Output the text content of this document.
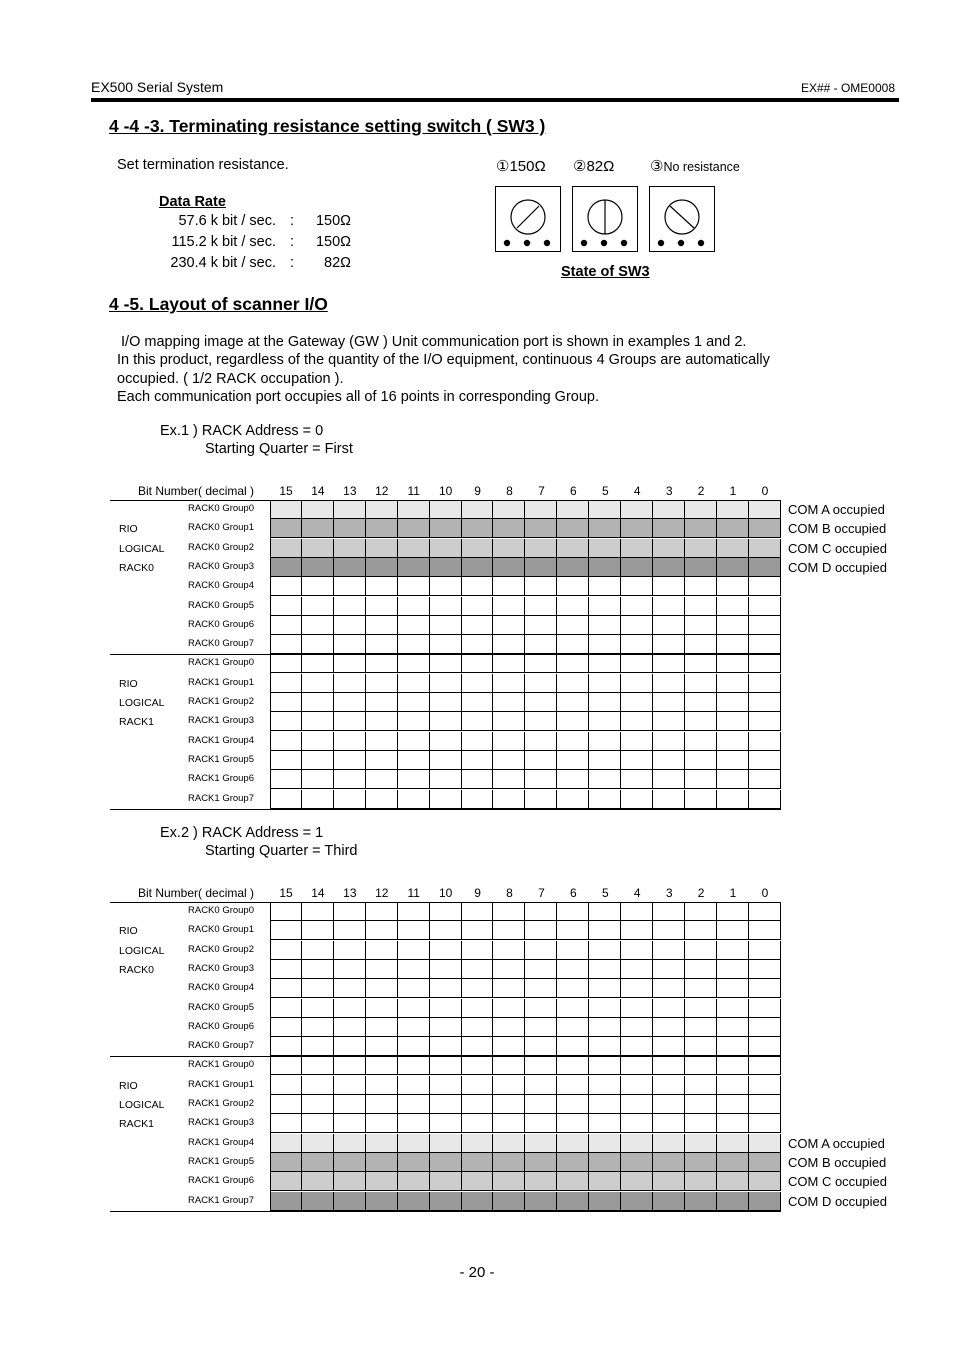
EX500 Serial System	EX## - OME0008
4 -4 -3. Terminating resistance setting switch ( SW3 )
Set termination resistance.
Data Rate
57.6 k bit / sec. :	150Ω
115.2 k bit / sec. :	150Ω
230.4 k bit / sec. :	82Ω
①150Ω ②82Ω ③No resistance
State of SW3
4 -5. Layout of scanner I/O
I/O mapping image at the Gateway (GW ) Unit communication port is shown in examples 1 and 2.
In this product, regardless of the quantity of the I/O equipment, continuous 4 Groups are automatically
occupied. ( 1/2 RACK occupation ).
Each communication port occupies all of 16 points in corresponding Group.
Ex.1 ) RACK Address = 0
Starting Quarter = First
Bit Number( decimal )	15	14	13	12	11	10	9	8	7	6	5	4	3	2	1	0
RACK0 Group0	COM A occupied
RIO	RACK0 Group1	COM B occupied
LOGICAL RACK0 Group2	COM C occupied
RACK0	RACK0 Group3	COM D occupied
RACK0 Group4
RACK0 Group5
RACK0 Group6
RACK0 Group7
RACK1 Group0
RIO	RACK1 Group1
LOGICAL RACK1 Group2
RACK1	RACK1 Group3
RACK1 Group4
RACK1 Group5
RACK1 Group6
RACK1 Group7
Ex.2 ) RACK Address = 1
Starting Quarter = Third
Bit Number( decimal )	15	14	13	12	11	10	9	8	7	6	5	4	3	2	1	0
RACK0 Group0
RIO	RACK0 Group1
LOGICAL RACK0 Group2
RACK0	RACK0 Group3
RACK0 Group4
RACK0 Group5
RACK0 Group6
RACK0 Group7
RACK1 Group0
RIO	RACK1 Group1
LOGICAL RACK1 Group2
RACK1	RACK1 Group3
RACK1 Group4	COM A occupied
RACK1 Group5	COM B occupied
RACK1 Group6	COM C occupied
RACK1 Group7	COM D occupied
- 20 -
